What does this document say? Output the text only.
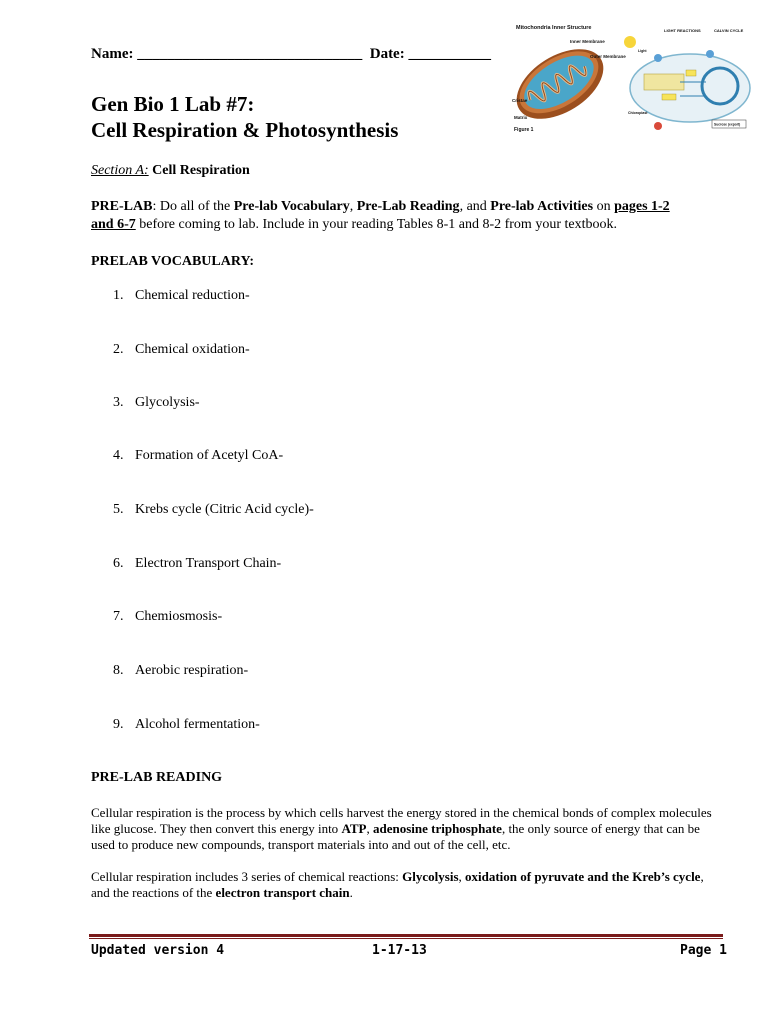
Name: ______________________________ Date: ___________
Gen Bio 1 Lab #7:
Cell Respiration & Photosynthesis
Mitochondria Inner Structure
Inner Membrane
Outer Membrane
Cristae
Matrix
Figure 1
LIGHT REACTIONS	CALVIN CYCLE
Light
Sucrose (export)
Chloroplast
Section A: Cell Respiration
PRE-LAB: Do all of the Pre-lab Vocabulary, Pre-Lab Reading, and Pre-lab Activities on pages 1-2
and 6-7 before coming to lab. Include in your reading Tables 8-1 and 8-2 from your textbook.
PRELAB VOCABULARY:
1. Chemical reduction-
2. Chemical oxidation-
3. Glycolysis-
4. Formation of Acetyl CoA-
5. Krebs cycle (Citric Acid cycle)-
6. Electron Transport Chain-
7. Chemiosmosis-
8. Aerobic respiration-
9. Alcohol fermentation-
PRE-LAB READING
Cellular respiration is the process by which cells harvest the energy stored in the chemical bonds of complex molecules like glucose. They then convert this energy into ATP, adenosine triphosphate, the only source of energy that can be used to produce new compounds, transport materials into and out of the cell, etc.
Cellular respiration includes 3 series of chemical reactions: Glycolysis, oxidation of pyruvate and the Kreb’s cycle, and the reactions of the electron transport chain.
Updated version 4	1-17-13	Page 1
